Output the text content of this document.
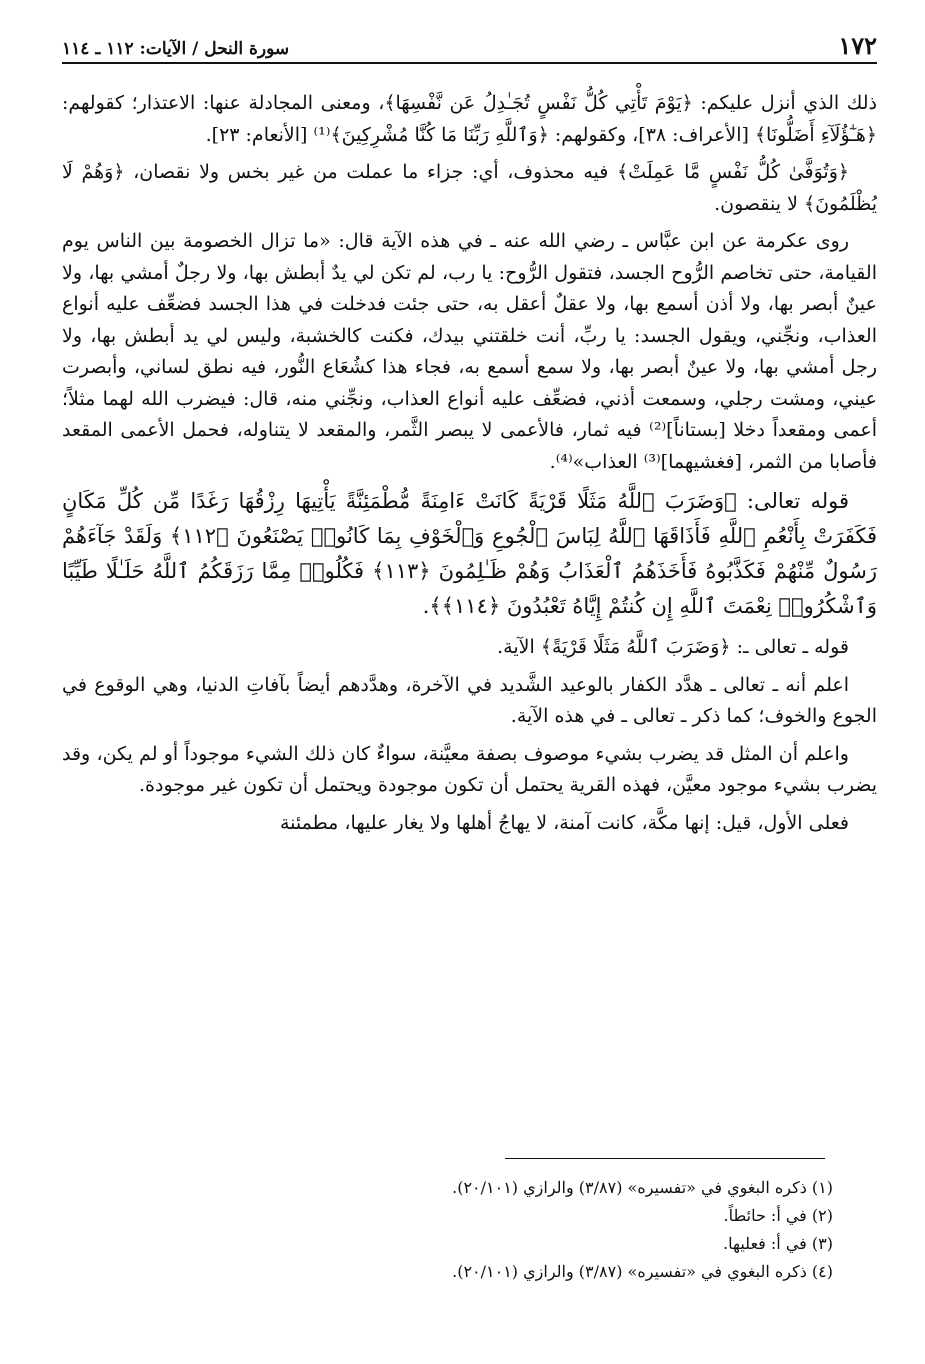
١٧٢
سورة النحل / الآيات: ١١٢ ـ ١١٤

ذلك الذي أنزل عليكم: ﴿يَوْمَ تَأْتِي كُلُّ نَفْسٍ تُجَـٰدِلُ عَن نَّفْسِهَا﴾، ومعنى المجادلة عنها: الاعتذار؛ كقولهم: ﴿هَـٰٓؤُلَآءِ أَضَلُّونَا﴾ [الأعراف: ٣٨]، وكقولهم: ﴿وَٱللَّهِ رَبِّنَا مَا كُنَّا مُشْرِكِينَ﴾⁽¹⁾ [الأنعام: ٢٣].

﴿وَتُوَفَّىٰ كُلُّ نَفْسٍ مَّا عَمِلَتْ﴾ فيه محذوف، أي: جزاء ما عملت من غير بخس ولا نقصان، ﴿وَهُمْ لَا يُظْلَمُونَ﴾ لا ينقصون.

روى عكرمة عن ابن عبَّاس ـ رضي الله عنه ـ في هذه الآية قال: «ما تزال الخصومة بين الناس يوم القيامة، حتى تخاصم الرُّوح الجسد، فتقول الرُّوح: يا رب، لم تكن لي يدٌ أبطش بها، ولا رجلٌ أمشي بها، ولا عينٌ أبصر بها، ولا أذن أسمع بها، ولا عقلٌ أعقل به، حتى جئت فدخلت في هذا الجسد فضعِّف عليه أنواع العذاب، ونجِّني، ويقول الجسد: يا ربِّ، أنت خلقتني بيدك، فكنت كالخشبة، وليس لي يد أبطش بها، ولا رجل أمشي بها، ولا عينٌ أبصر بها، ولا سمع أسمع به، فجاء هذا كشُعَاع النُّور، فيه نطق لساني، وأبصرت عيني، ومشت رجلي، وسمعت أذني، فضعِّف عليه أنواع العذاب، ونجِّني منه، قال: فيضرب الله لهما مثلاً؛ أعمى ومقعداً دخلا [بستاناً]⁽²⁾ فيه ثمار، فالأعمى لا يبصر الثَّمر، والمقعد لا يتناوله، فحمل الأعمى المقعد فأصابا من الثمر، [فغشيهما]⁽³⁾ العذاب»⁽⁴⁾.

قوله تعالى: ﴿وَضَرَبَ ٱللَّهُ مَثَلًا قَرْيَةً كَانَتْ ءَامِنَةً مُّطْمَئِنَّةً يَأْتِيهَا رِزْقُهَا رَغَدًا مِّن كُلِّ مَكَانٍ فَكَفَرَتْ بِأَنْعُمِ ٱللَّهِ فَأَذَاقَهَا ٱللَّهُ لِبَاسَ ٱلْجُوعِ وَٱلْخَوْفِ بِمَا كَانُوا۟ يَصْنَعُونَ ﴿١١٢﴾ وَلَقَدْ جَآءَهُمْ رَسُولٌ مِّنْهُمْ فَكَذَّبُوهُ فَأَخَذَهُمُ ٱلْعَذَابُ وَهُمْ ظَـٰلِمُونَ ﴿١١٣﴾ فَكُلُوا۟ مِمَّا رَزَقَكُمُ ٱللَّهُ حَلَـٰلًا طَيِّبًا وَٱشْكُرُوا۟ نِعْمَتَ ٱللَّهِ إِن كُنتُمْ إِيَّاهُ تَعْبُدُونَ ﴿١١٤﴾﴾.

قوله ـ تعالى ـ: ﴿وَضَرَبَ ٱللَّهُ مَثَلًا قَرْيَةً﴾ الآية.

اعلم أنه ـ تعالى ـ هدَّد الكفار بالوعيد الشَّديد في الآخرة، وهدَّدهم أيضاً بآفاتِ الدنيا، وهي الوقوع في الجوع والخوف؛ كما ذكر ـ تعالى ـ في هذه الآية.

واعلم أن المثل قد يضرب بشيء موصوف بصفة معيَّنة، سواءٌ كان ذلك الشيء موجوداً أو لم يكن، وقد يضرب بشيء موجود معيَّن، فهذه القرية يحتمل أن تكون موجودة ويحتمل أن تكون غير موجودة.

فعلى الأول، قيل: إنها مكَّة، كانت آمنة، لا يهاجُ أهلها ولا يغار عليها، مطمئنة

(١) ذكره البغوي في «تفسيره» (٣/٨٧) والرازي (٢٠/١٠١).
(٢) في أ: حائطاً.
(٣) في أ: فعليها.
(٤) ذكره البغوي في «تفسيره» (٣/٨٧) والرازي (٢٠/١٠١).
